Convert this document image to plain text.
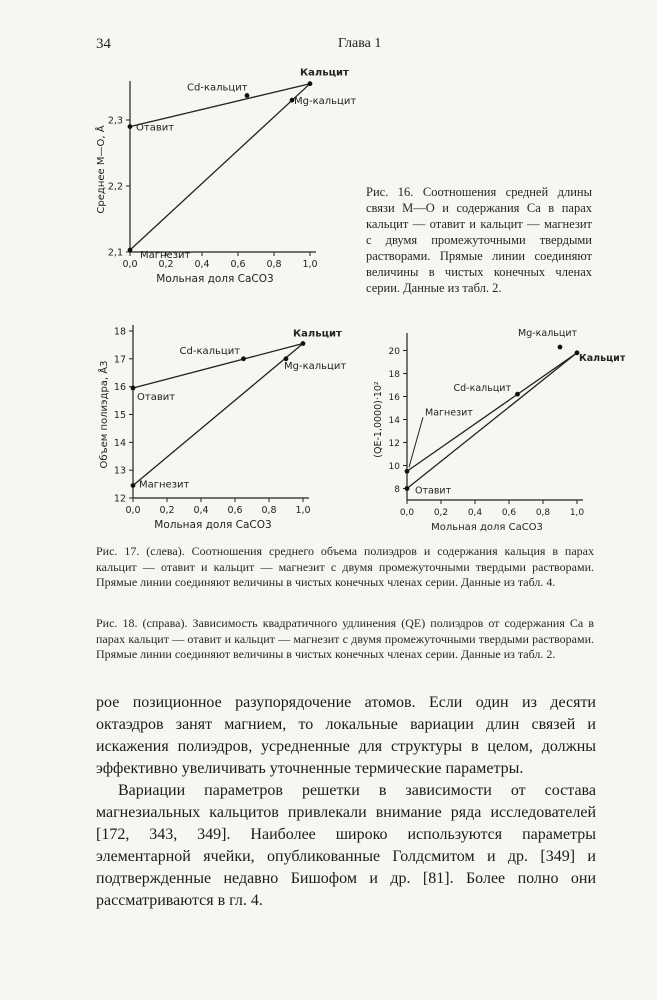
34	Глава 1
0,0 0,2 0,4 0,6 0,8 1,0
2,1
2,2
2,3
Отавит
Магнезит
Кальцит
Cd-кальцит
Mg-кальцит
Мольная доля CaCO3
Среднее M—O, Å	Рис. 16. Соотношения средней длины связи M—O и содержания Ca в парах кальцит — отавит и кальцит — магнезит с двумя промежуточными твердыми растворами. Прямые линии соединяют величины в чистых конечных членах серии. Данные из табл. 2.
0,0 0,2 0,4 0,6 0,8 1,0
12
13
14
15
16
17
18
Отавит
Магнезит
Кальцит
Cd-кальцит
Mg-кальцит
Мольная доля CaCO3
Объем полиэдра, Å3
0,0 0,2 0,4 0,6 0,8 1,0
8
10
12
14
16
18
20
Магнезит
Отавит
Кальцит
Cd-кальцит
Mg-кальцит
Мольная доля CaCO3
(QE-1,0000)·10²
Рис. 17. (слева). Соотношения среднего объема полиэдров и содержания кальция в парах кальцит — отавит и кальцит — магнезит с двумя промежуточными твердыми растворами. Прямые линии соединяют величины в чистых конечных членах серии. Данные из табл. 4.
Рис. 18. (справа). Зависимость квадратичного удлинения (QE) полиэдров от содержания Ca в парах кальцит — отавит и кальцит — магнезит с двумя промежуточными твердыми растворами. Прямые линии соединяют величины в чистых конечных членах серии. Данные из табл. 2.

рое позиционное разупорядочение атомов. Если один из десяти октаэдров занят магнием, то локальные вариации длин связей и искажения полиэдров, усредненные для структуры в целом, должны эффективно увеличивать уточненные термические параметры.

Вариации параметров решетки в зависимости от состава магнезиальных кальцитов привлекали внимание ряда исследователей [172, 343, 349]. Наиболее широко используются параметры элементарной ячейки, опубликованные Голдсмитом и др. [349] и подтвержденные недавно Бишофом и др. [81]. Более полно они рассматриваются в гл. 4.
